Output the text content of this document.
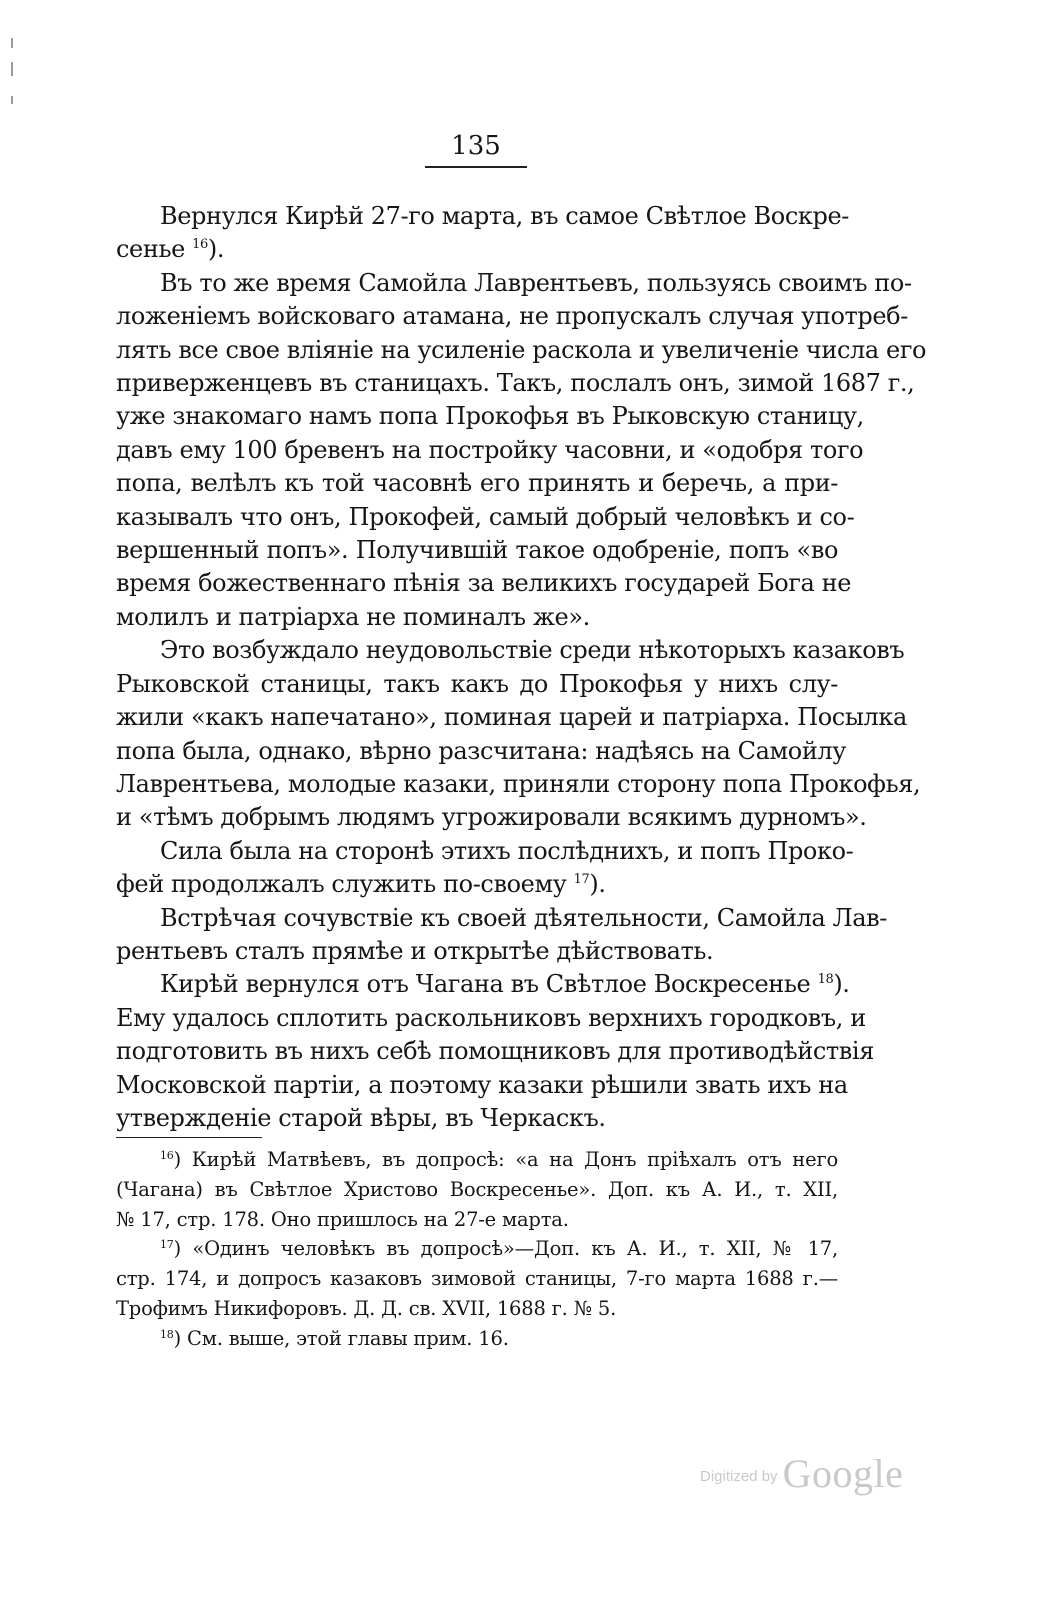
135
Вернулся Кирѣй 27-го марта, въ самое Свѣтлое Воскре-
сенье $^{16}$).
Въ то же время Самойла Лаврентьевъ, пользуясь своимъ по-
ложеніемъ войсковаго атамана, не пропускалъ случая употреб-
лять все свое вліяніе на усиленіе раскола и увеличеніе числа его
приверженцевъ въ станицахъ. Такъ, послалъ онъ, зимой 1687 г.,
уже знакомаго намъ попа Прокофья въ Рыковскую станицу,
давъ ему 100 бревенъ на постройку часовни, и «одобря того
попа, велѣлъ къ той часовнѣ его принять и беречь, а при-
казывалъ что онъ, Прокофей, самый добрый человѣкъ и со-
вершенный попъ». Получившій такое одобреніе, попъ «во
время божественнаго пѣнія за великихъ государей Бога не
молилъ и патріарха не поминалъ же».
Это возбуждало неудовольствіе среди нѣкоторыхъ казаковъ
Рыковской станицы, такъ какъ до Прокофья у нихъ слу-
жили «какъ напечатано», поминая царей и патріарха. Посылка
попа была, однако, вѣрно разсчитана: надѣясь на Самойлу
Лаврентьева, молодые казаки, приняли сторону попа Прокофья,
и «тѣмъ добрымъ людямъ угрожировали всякимъ дурномъ».
Сила была на сторонѣ этихъ послѣднихъ, и попъ Проко-
фей продолжалъ служить по-своему $^{17}$).
Встрѣчая сочувствіе къ своей дѣятельности, Самойла Лав-
рентьевъ сталъ прямѣе и открытѣе дѣйствовать.
Кирѣй вернулся отъ Чагана въ Свѣтлое Воскресенье $^{18}$).
Ему удалось сплотить раскольниковъ верхнихъ городковъ, и
подготовить въ нихъ себѣ помощниковъ для противодѣйствія
Московской партіи, а поэтому казаки рѣшили звать ихъ на
утвержденіе старой вѣры, въ Черкаскъ.
$^{16}$) Кирѣй Матвѣевъ, въ допросѣ: «а на Донъ пріѣхалъ отъ него
(Чагана) въ Свѣтлое Христово Воскресенье». Доп. къ А. И., т. XII,
№ 17, стр. 178. Оно пришлось на 27-е марта.
$^{17}$) «Одинъ человѣкъ въ допросѣ»—Доп. къ А. И., т. XII, № 17,
стр. 174, и допросъ казаковъ зимовой станицы, 7-го марта 1688 г.—
Трофимъ Никифоровъ. Д. Д. св. XVII, 1688 г. № 5.
$^{18}$) См. выше, этой главы прим. 16.
Digitized by Google
